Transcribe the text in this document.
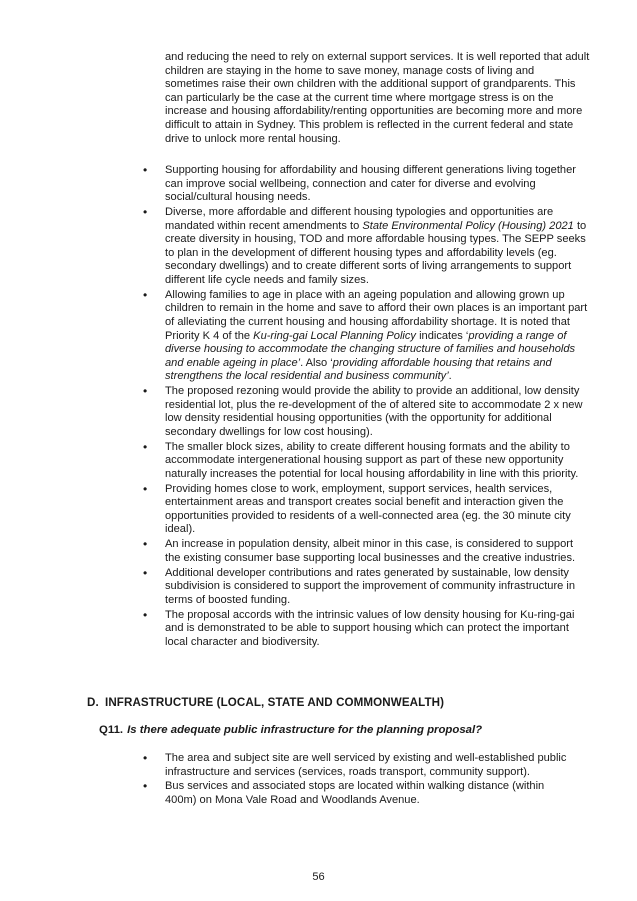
and reducing the need to rely on external support services. It is well reported that adult children are staying in the home to save money, manage costs of living and sometimes raise their own children with the additional support of grandparents. This can particularly be the case at the current time where mortgage stress is on the increase and housing affordability/renting opportunities are becoming more and more difficult to attain in Sydney. This problem is reflected in the current federal and state drive to unlock more rental housing.

• Supporting housing for affordability and housing different generations living together can improve social wellbeing, connection and cater for diverse and evolving social/cultural housing needs.
• Diverse, more affordable and different housing typologies and opportunities are mandated within recent amendments to State Environmental Policy (Housing) 2021 to create diversity in housing, TOD and more affordable housing types. The SEPP seeks to plan in the development of different housing types and affordability levels (eg. secondary dwellings) and to create different sorts of living arrangements to support different life cycle needs and family sizes.
• Allowing families to age in place with an ageing population and allowing grown up children to remain in the home and save to afford their own places is an important part of alleviating the current housing and housing affordability shortage. It is noted that Priority K 4 of the Ku-ring-gai Local Planning Policy indicates ‘providing a range of diverse housing to accommodate the changing structure of families and households and enable ageing in place’. Also ‘providing affordable housing that retains and strengthens the local residential and business community’.
• The proposed rezoning would provide the ability to provide an additional, low density residential lot, plus the re-development of the of altered site to accommodate 2 x new low density residential housing opportunities (with the opportunity for additional secondary dwellings for low cost housing).
• The smaller block sizes, ability to create different housing formats and the ability to accommodate intergenerational housing support as part of these new opportunity naturally increases the potential for local housing affordability in line with this priority.
• Providing homes close to work, employment, support services, health services, entertainment areas and transport creates social benefit and interaction given the opportunities provided to residents of a well-connected area (eg. the 30 minute city ideal).
• An increase in population density, albeit minor in this case, is considered to support the existing consumer base supporting local businesses and the creative industries.
• Additional developer contributions and rates generated by sustainable, low density subdivision is considered to support the improvement of community infrastructure in terms of boosted funding.
• The proposal accords with the intrinsic values of low density housing for Ku-ring-gai and is demonstrated to be able to support housing which can protect the important local character and biodiversity.
D. INFRASTRUCTURE (LOCAL, STATE AND COMMONWEALTH)
Q11. Is there adequate public infrastructure for the planning proposal?
• The area and subject site are well serviced by existing and well-established public infrastructure and services (services, roads transport, community support).
• Bus services and associated stops are located within walking distance (within 400m) on Mona Vale Road and Woodlands Avenue.

56
